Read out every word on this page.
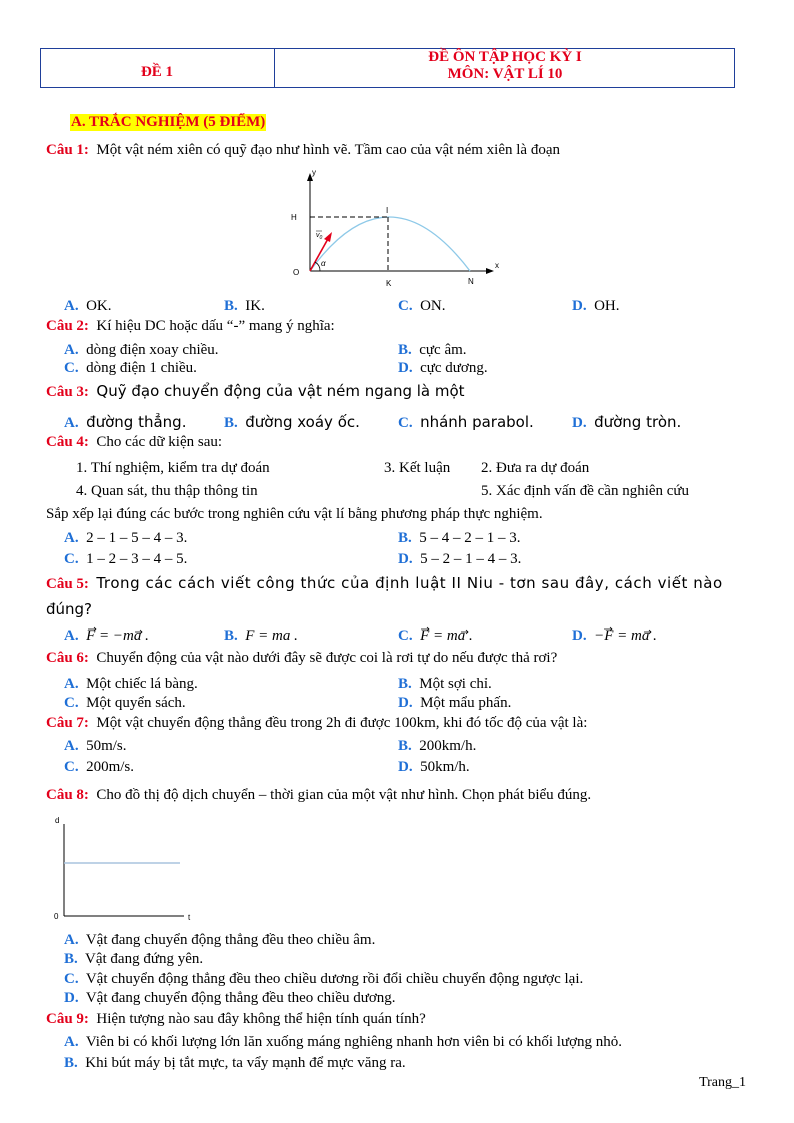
ĐỀ 1
ĐỀ ÔN TẬP HỌC KỲ I
MÔN: VẬT LÍ 10
A. TRẮC NGHIỆM (5 ĐIỂM)
Câu 1: Một vật ném xiên có quỹ đạo như hình vẽ. Tầm cao của vật ném xiên là đoạn
y
x
H
I
O
K	N
$v_0$
α
A. OK.	B. IK.	C. ON.	D. OH.
Câu 2: Kí hiệu DC hoặc dấu “-” mang ý nghĩa:
A. dòng điện xoay chiều.	B. cực âm.
C. dòng điện 1 chiều.	D. cực dương.
Câu 3: Quỹ đạo chuyển động của vật ném ngang là một
A. đường thẳng.	B. đường xoáy ốc.	C. nhánh parabol.	D. đường tròn.
Câu 4: Cho các dữ kiện sau:
1. Thí nghiệm, kiểm tra dự đoán	3. Kết luận 2. Đưa ra dự đoán
4. Quan sát, thu thập thông tin	5. Xác định vấn đề cần nghiên cứu
Sắp xếp lại đúng các bước trong nghiên cứu vật lí bằng phương pháp thực nghiệm.
A. 2 – 1 – 5 – 4 – 3.	B. 5 – 4 – 2 – 1 – 3.
C. 1 – 2 – 3 – 4 – 5.	D. 5 – 2 – 1 – 4 – 3.
Câu 5: Trong các cách viết công thức của định luật II Niu - tơn sau đây, cách viết nào
đúng?
A. F = −ma .	B. F = ma .	C. F = ma .	D. −F = ma .
Câu 6: Chuyển động của vật nào dưới đây sẽ được coi là rơi tự do nếu được thả rơi?
A. Một chiếc lá bàng.	B. Một sợi chỉ.
C. Một quyển sách.	D. Một mẩu phấn.
Câu 7: Một vật chuyển động thẳng đều trong 2h đi được 100km, khi đó tốc độ của vật là:
A. 50m/s.	B. 200km/h.
C. 200m/s.	D. 50km/h.
Câu 8: Cho đồ thị độ dịch chuyển – thời gian của một vật như hình. Chọn phát biểu đúng.
d
t
0
A. Vật đang chuyển động thẳng đều theo chiều âm.
B. Vật đang đứng yên.
C. Vật chuyển động thẳng đều theo chiều dương rồi đổi chiều chuyển động ngược lại.
D. Vật đang chuyển động thẳng đều theo chiều dương.
Câu 9: Hiện tượng nào sau đây không thể hiện tính quán tính?
A. Viên bi có khối lượng lớn lăn xuống máng nghiêng nhanh hơn viên bi có khối lượng nhỏ.
B. Khi bút máy bị tắt mực, ta vẩy mạnh để mực văng ra.
Trang_1
